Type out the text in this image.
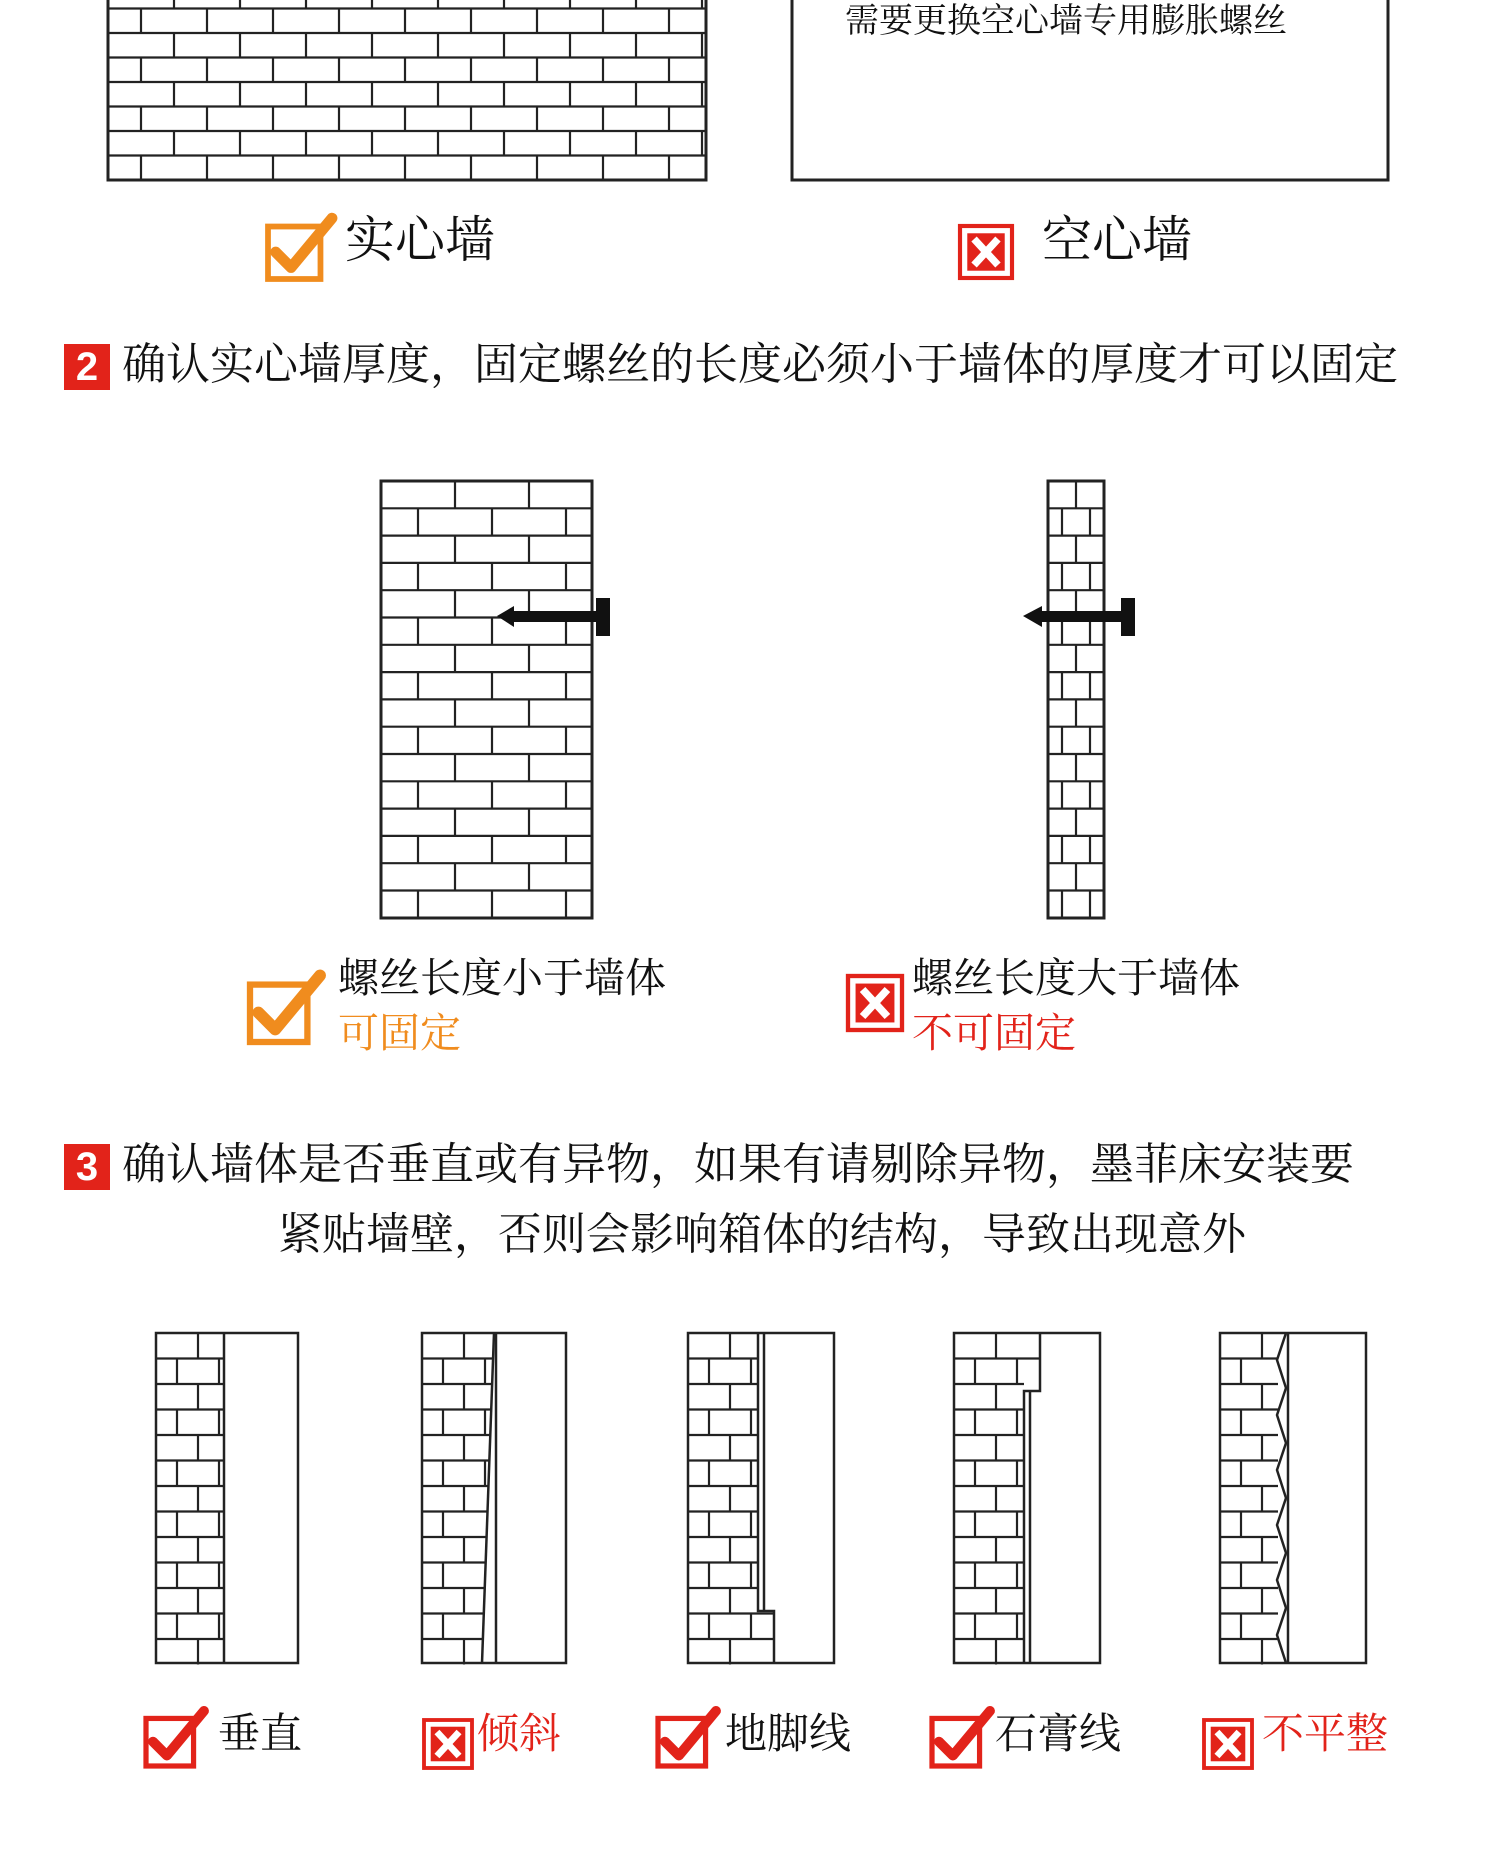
需要更换空心墙专用膨胀螺丝
实心墙	空心墙
2 确认实心墙厚度，固定螺丝的长度必须小于墙体的厚度才可以固定
螺丝长度小于墙体
可固定
螺丝长度大于墙体
不可固定
3 确认墙体是否垂直或有异物，如果有请剔除异物，墨菲床安装要
紧贴墙壁，否则会影响箱体的结构，导致出现意外
垂直	倾斜	地脚线	石膏线	不平整
